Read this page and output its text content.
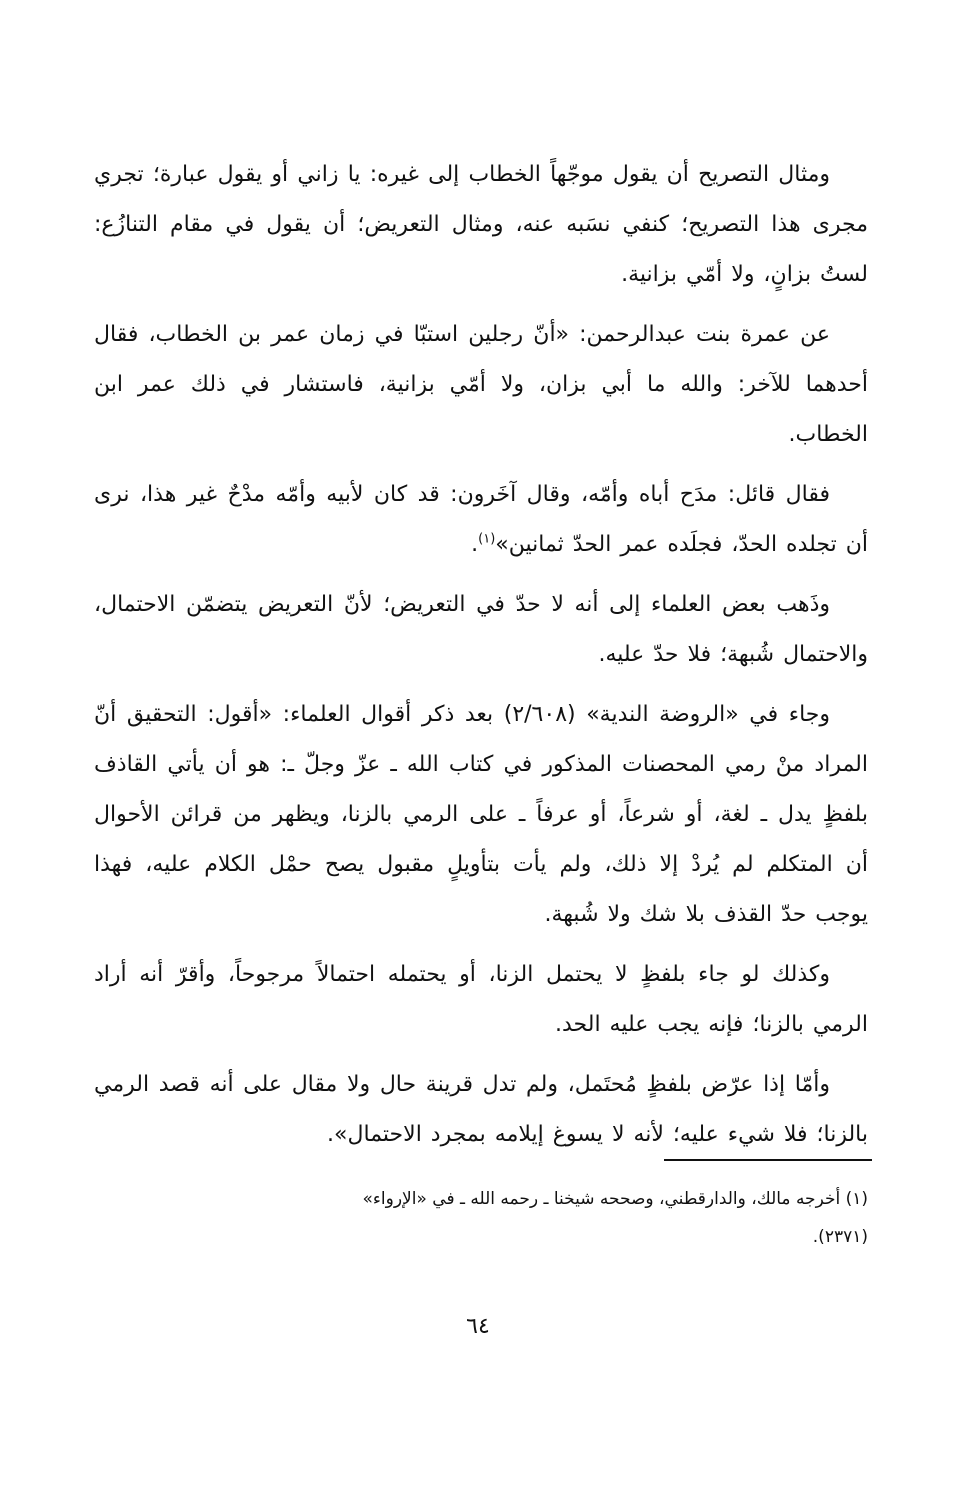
ومثال التصريح أن يقول موجّهاً الخطاب إلى غيره: يا زاني أو يقول عبارة؛ تجري مجرى هذا التصريح؛ كنفي نسَبه عنه، ومثال التعريض؛ أن يقول في مقام التنازُع: لستُ بزانٍ، ولا أمّي بزانية.

عن عمرة بنت عبدالرحمن: «أنّ رجلين استبّا في زمان عمر بن الخطاب، فقال أحدهما للآخر: والله ما أبي بزان، ولا أمّي بزانية، فاستشار في ذلك عمر ابن الخطاب.

فقال قائل: مدَح أباه وأمّه، وقال آخَرون: قد كان لأبيه وأمّه مدْحٌ غير هذا، نرى أن تجلده الحدّ، فجلَده عمر الحدّ ثمانين»$^{(١)}$.

وذَهب بعض العلماء إلى أنه لا حدّ في التعريض؛ لأنّ التعريض يتضمّن الاحتمال، والاحتمال شُبهة؛ فلا حدّ عليه.

وجاء في «الروضة الندية» (٢/٦٠٨) بعد ذكر أقوال العلماء: «أقول: التحقيق أنّ المراد منْ رمي المحصنات المذكور في كتاب الله ـ عزّ وجلّ ـ: هو أن يأتي القاذف بلفظٍ يدل ـ لغة، أو شرعاً، أو عرفاً ـ على الرمي بالزنا، ويظهر من قرائن الأحوال أن المتكلم لم يُردْ إلا ذلك، ولم يأت بتأويلٍ مقبول يصح حمْل الكلام عليه، فهذا يوجب حدّ القذف بلا شك ولا شُبهة.

وكذلك لو جاء بلفظٍ لا يحتمل الزنا، أو يحتمله احتمالاً مرجوحاً، وأقرّ أنه أراد الرمي بالزنا؛ فإنه يجب عليه الحد.

وأمّا إذا عرّض بلفظٍ مُحتَمل، ولم تدل قرينة حال ولا مقال على أنه قصد الرمي بالزنا؛ فلا شيء عليه؛ لأنه لا يسوغ إيلامه بمجرد الاحتمال».

(١) أخرجه مالك، والدارقطني، وصححه شيخنا ـ رحمه الله ـ في «الإرواء»

(٢٣٧١).

٦٤
